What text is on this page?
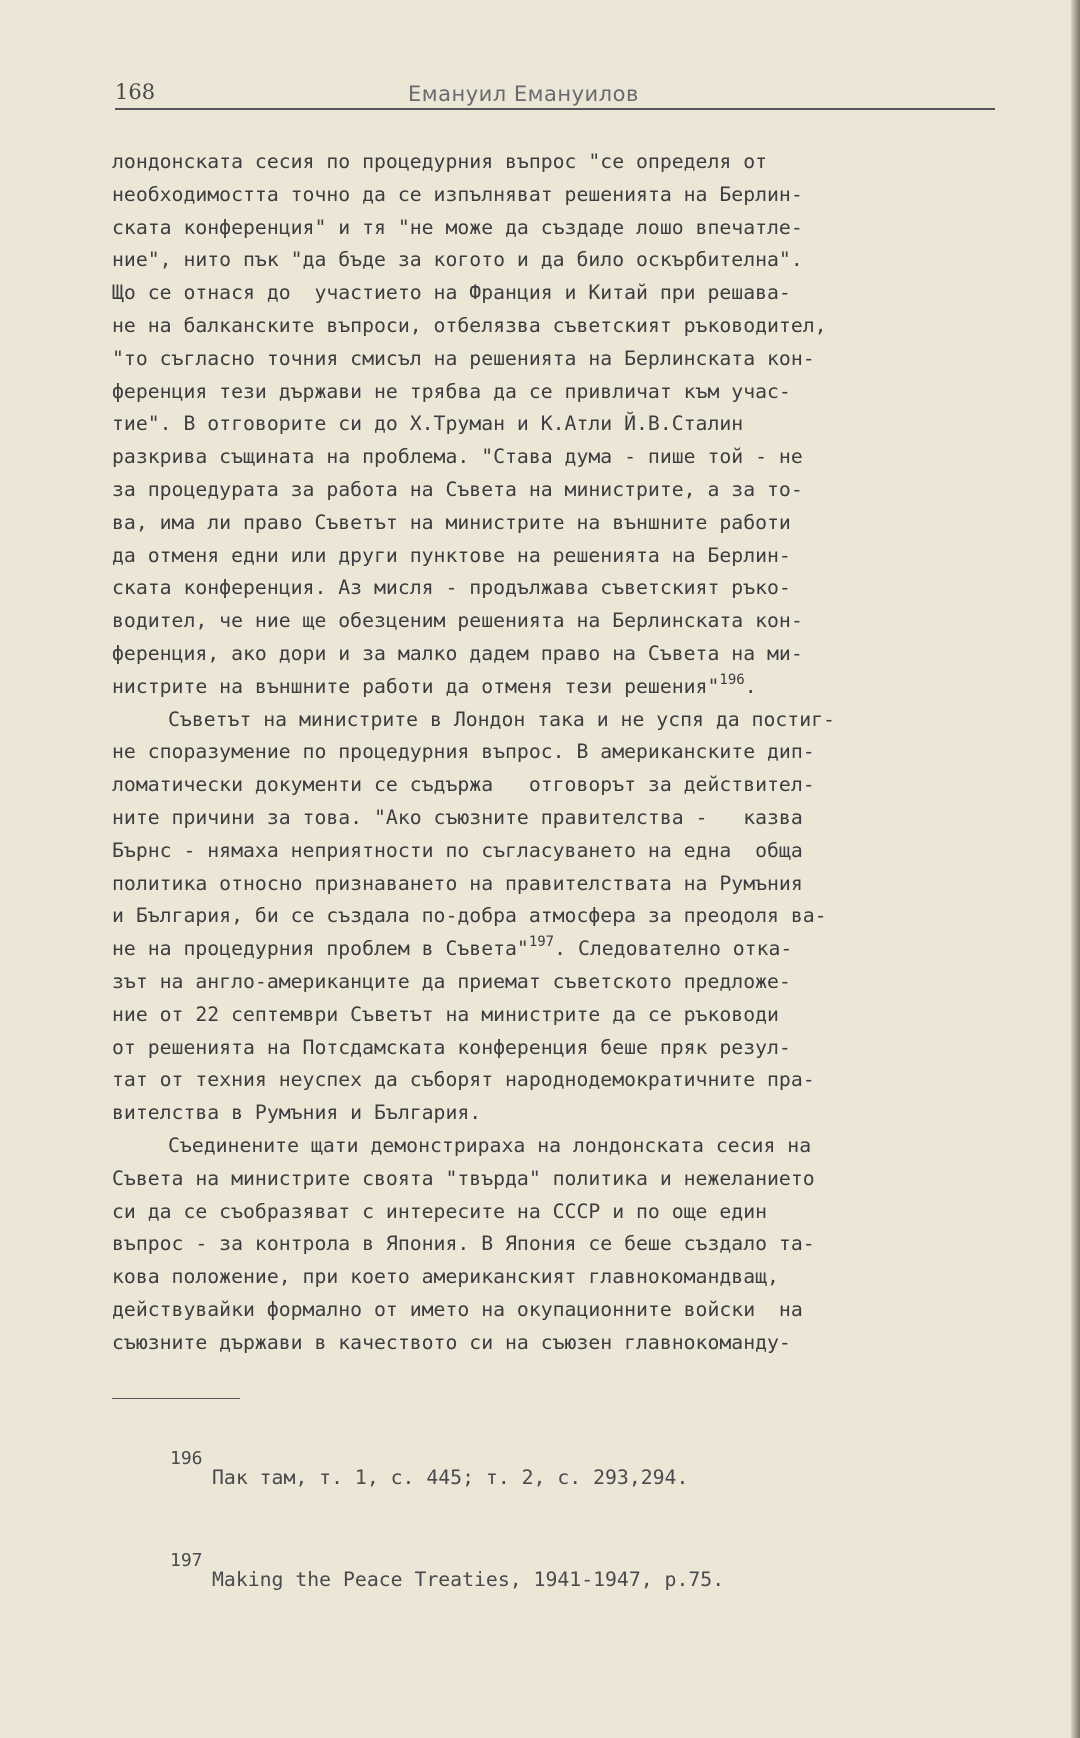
168	Емануил Емануилов
лондонската сесия по процедурния въпрос "се определя от
необходимостта точно да се изпълняват решенията на Берлин-
ската конференция" и тя "не може да създаде лошо впечатле-
ние", нито пък "да бъде за когото и да било оскърбителна".
Що се отнася до  участието на Франция и Китай при решава-
не на балканските въпроси, отбелязва съветският ръководител,
"то съгласно точния смисъл на решенията на Берлинската кон-
ференция тези държави не трябва да се привличат към учас-
тие". В отговорите си до Х.Труман и К.Атли Й.В.Сталин
разкрива същината на проблема. "Става дума - пише той - не
за процедурата за работа на Съвета на министрите, а за то-
ва, има ли право Съветът на министрите на външните работи
да отменя едни или други пунктове на решенията на Берлин-
ската конференция. Аз мисля - продължава съветският ръко-
водител, че ние ще обезценим решенията на Берлинската кон-
ференция, ако дори и за малко дадем право на Съвета на ми-
нистрите на външните работи да отменя тези решения"$^{196}$.
Съветът на министрите в Лондон така и не успя да постиг-
не споразумение по процедурния въпрос. В американските дип-
ломатически документи се съдържа   отговорът за действител-
ните причини за това. "Ако съюзните правителства -   казва
Бърнс - нямаха неприятности по съгласуването на една  обща
политика относно признаването на правителствата на Румъния
и България, би се създала по-добра атмосфера за преодоля ва-
не на процедурния проблем в Съвета"$^{197}$. Следователно отка-
зът на англо-американците да приемат съветското предложе-
ние от 22 септември Съветът на министрите да се ръководи
от решенията на Потсдамската конференция беше пряк резул-
тат от техния неуспех да съборят народнодемократичните пра-
вителства в Румъния и България.
Съединените щати демонстрираха на лондонската сесия на
Съвета на министрите своята "твърда" политика и нежеланието
си да се съобразяват с интересите на СССР и по още един
въпрос - за контрола в Япония. В Япония се беше създало та-
кова положение, при което американският главнокомандващ,
действувайки формално от името на окупационните войски  на
съюзните държави в качеството си на съюзен главнокоманду-

196

Пак там, т. 1, с. 445; т. 2, с. 293,294.

197

Making the Peace Treaties, 1941-1947, p.75.
